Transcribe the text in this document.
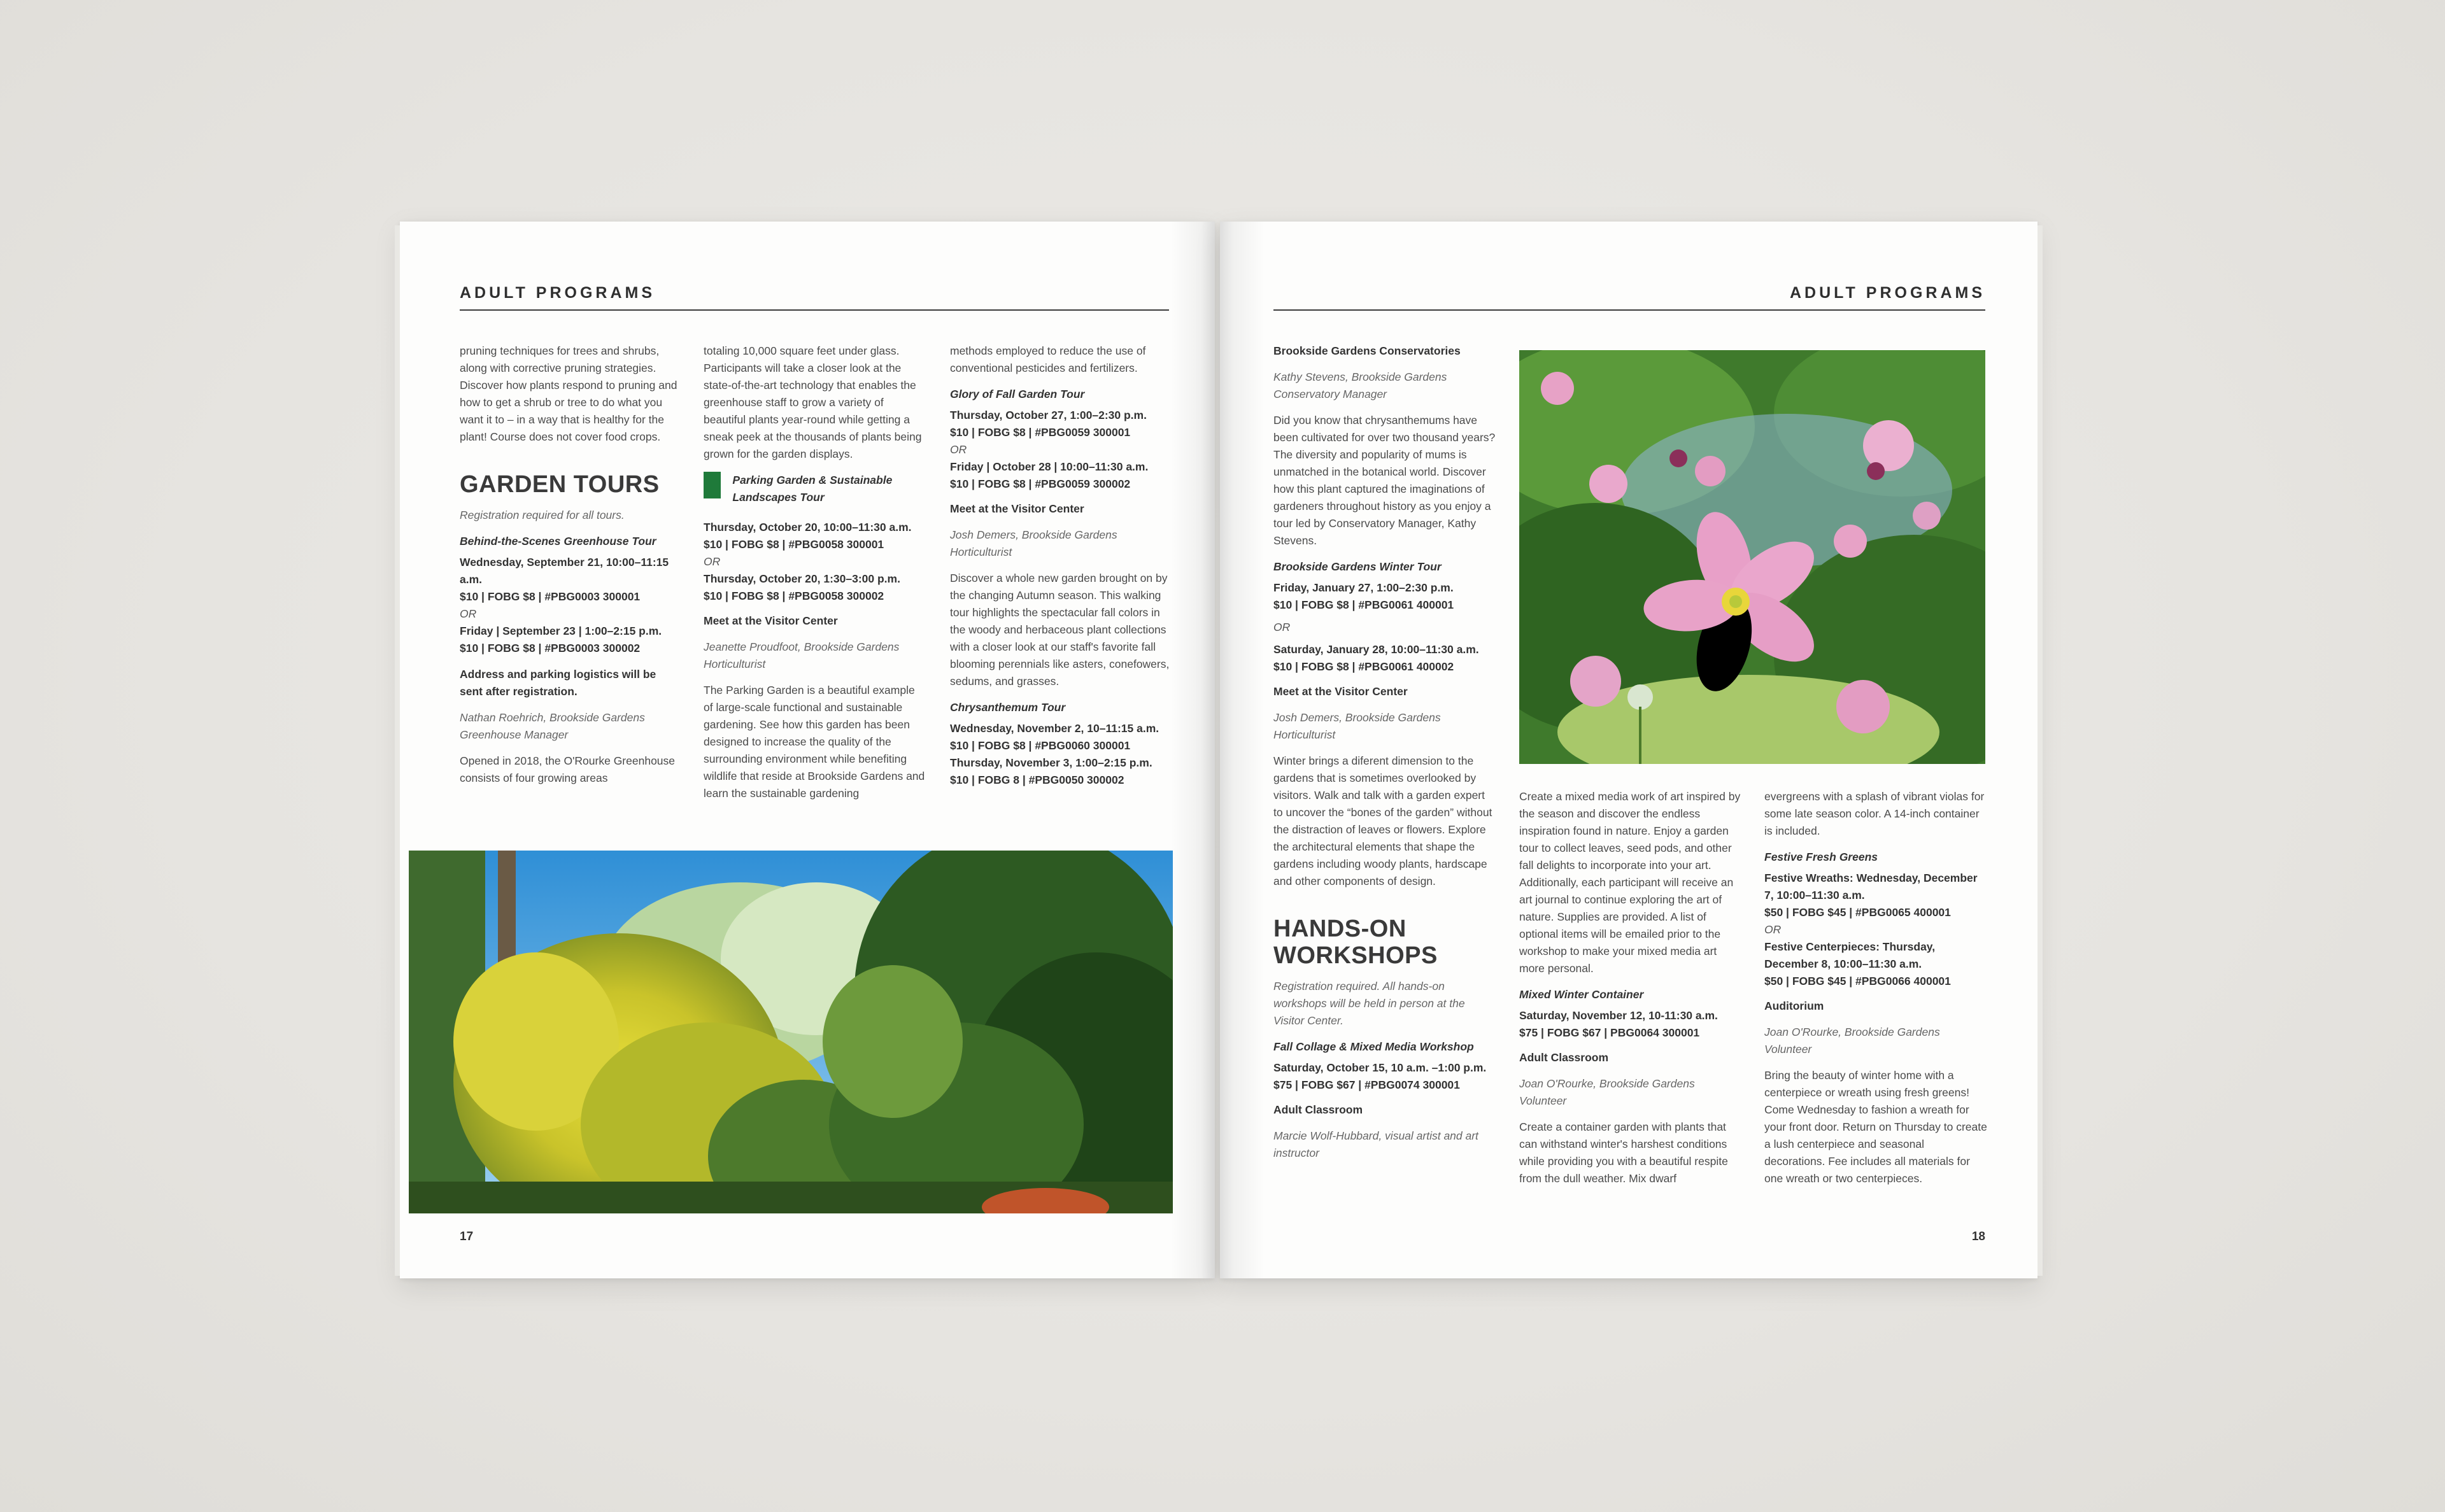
ADULT PROGRAMS

pruning techniques for trees and shrubs, along with corrective pruning strategies. Discover how plants respond to pruning and how to get a shrub or tree to do what you want it to – in a way that is healthy for the plant! Course does not cover food crops.

GARDEN TOURS

Registration required for all tours.

Behind-the-Scenes Greenhouse Tour
Wednesday, September 21, 10:00–11:15 a.m.
$10 | FOBG $8 | #PBG0003 300001
OR
Friday | September 23 | 1:00–2:15 p.m.
$10 | FOBG $8 | #PBG0003 300002

Address and parking logistics will be sent after registration.

Nathan Roehrich, Brookside Gardens Greenhouse Manager

Opened in 2018, the O'Rourke Greenhouse consists of four growing areas

totaling 10,000 square feet under glass. Participants will take a closer look at the state-of-the-art technology that enables the greenhouse staff to grow a variety of beautiful plants year-round while getting a sneak peek at the thousands of plants being grown for the garden displays.

Parking Garden & Sustainable Landscapes Tour
Thursday, October 20, 10:00–11:30 a.m.
$10 | FOBG $8 | #PBG0058 300001
OR
Thursday, October 20, 1:30–3:00 p.m.
$10 | FOBG $8 | #PBG0058 300002
Meet at the Visitor Center

Jeanette Proudfoot, Brookside Gardens Horticulturist

The Parking Garden is a beautiful example of large-scale functional and sustainable gardening. See how this garden has been designed to increase the quality of the surrounding environment while benefiting wildlife that reside at Brookside Gardens and learn the sustainable gardening

methods employed to reduce the use of conventional pesticides and fertilizers.

Glory of Fall Garden Tour
Thursday, October 27, 1:00–2:30 p.m.
$10 | FOBG $8 | #PBG0059 300001
OR
Friday | October 28 | 10:00–11:30 a.m.
$10 | FOBG $8 | #PBG0059 300002
Meet at the Visitor Center

Josh Demers, Brookside Gardens Horticulturist

Discover a whole new garden brought on by the changing Autumn season. This walking tour highlights the spectacular fall colors in the woody and herbaceous plant collections with a closer look at our staff's favorite fall blooming perennials like asters, conefowers, sedums, and grasses.

Chrysanthemum Tour
Wednesday, November 2, 10–11:15 a.m.
$10 | FOBG $8 | #PBG0060 300001
Thursday, November 3, 1:00–2:15 p.m.
$10 | FOBG 8 | #PBG0050 300002
17
ADULT PROGRAMS
Brookside Gardens Conservatories

Kathy Stevens, Brookside Gardens Conservatory Manager

Did you know that chrysanthemums have been cultivated for over two thousand years? The diversity and popularity of mums is unmatched in the botanical world. Discover how this plant captured the imaginations of gardeners throughout history as you enjoy a tour led by Conservatory Manager, Kathy Stevens.

Brookside Gardens Winter Tour
Friday, January 27, 1:00–2:30 p.m.
$10 | FOBG $8 | #PBG0061 400001
OR
Saturday, January 28, 10:00–11:30 a.m.
$10 | FOBG $8 | #PBG0061 400002
Meet at the Visitor Center

Josh Demers, Brookside Gardens Horticulturist

Winter brings a diferent dimension to the gardens that is sometimes overlooked by visitors. Walk and talk with a garden expert to uncover the “bones of the garden” without the distraction of leaves or flowers. Explore the architectural elements that shape the gardens including woody plants, hardscape and other components of design.

HANDS-ON
WORKSHOPS

Registration required. All hands-on workshops will be held in person at the Visitor Center.

Fall Collage & Mixed Media Workshop
Saturday, October 15, 10 a.m. –1:00 p.m.
$75 | FOBG $67 | #PBG0074 300001
Adult Classroom

Marcie Wolf-Hubbard, visual artist and art instructor

Create a mixed media work of art inspired by the season and discover the endless inspiration found in nature. Enjoy a garden tour to collect leaves, seed pods, and other fall delights to incorporate into your art. Additionally, each participant will receive an art journal to continue exploring the art of nature. Supplies are provided. A list of optional items will be emailed prior to the workshop to make your mixed media art more personal.

Mixed Winter Container
Saturday, November 12, 10-11:30 a.m.
$75 | FOBG $67 | PBG0064 300001
Adult Classroom

Joan O'Rourke, Brookside Gardens Volunteer

Create a container garden with plants that can withstand winter's harshest conditions while providing you with a beautiful respite from the dull weather. Mix dwarf

evergreens with a splash of vibrant violas for some late season color. A 14-inch container is included.

Festive Fresh Greens
Festive Wreaths: Wednesday, December 7, 10:00–11:30 a.m.
$50 | FOBG $45 | #PBG0065 400001
OR
Festive Centerpieces: Thursday, December 8, 10:00–11:30 a.m.
$50 | FOBG $45 | #PBG0066 400001
Auditorium

Joan O'Rourke, Brookside Gardens Volunteer

Bring the beauty of winter home with a centerpiece or wreath using fresh greens! Come Wednesday to fashion a wreath for your front door. Return on Thursday to create a lush centerpiece and seasonal decorations. Fee includes all materials for one wreath or two centerpieces.

18
